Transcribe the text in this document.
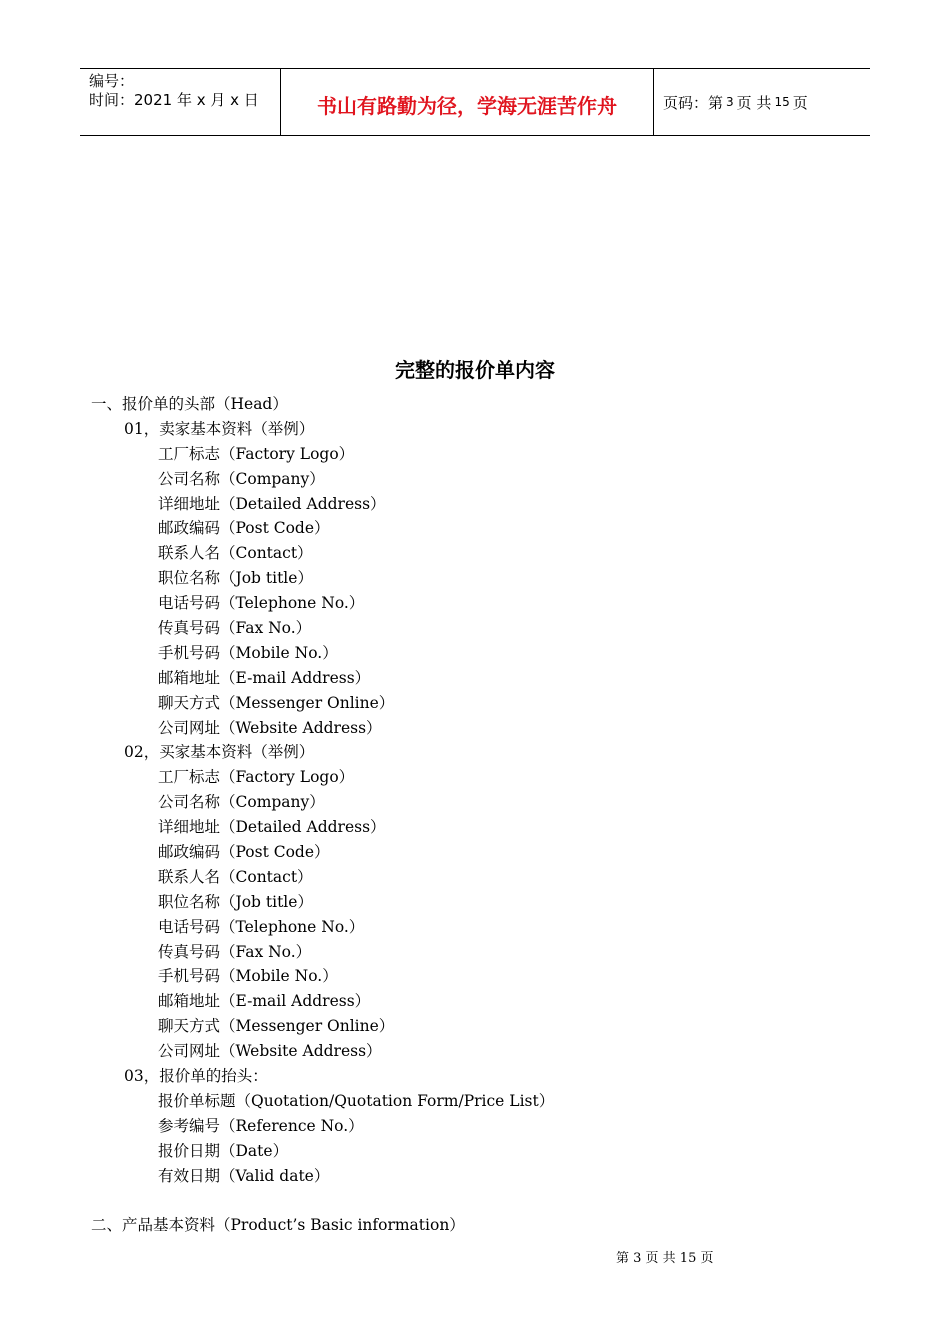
编号：
时间：2021 年 x 月 x 日	书山有路勤为径，学海无涯苦作舟	页码：第 3 页 共 15 页
完整的报价单内容
一、报价单的头部（Head）
01，卖家基本资料（举例）
工厂标志（Factory Logo）
公司名称（Company）
详细地址（Detailed Address）
邮政编码（Post Code）
联系人名（Contact）
职位名称（Job title）
电话号码（Telephone No.）
传真号码（Fax No.）
手机号码（Mobile No.）
邮箱地址（E-mail Address）
聊天方式（Messenger Online）
公司网址（Website Address）
02，买家基本资料（举例）
工厂标志（Factory Logo）
公司名称（Company）
详细地址（Detailed Address）
邮政编码（Post Code）
联系人名（Contact）
职位名称（Job title）
电话号码（Telephone No.）
传真号码（Fax No.）
手机号码（Mobile No.）
邮箱地址（E-mail Address）
聊天方式（Messenger Online）
公司网址（Website Address）
03，报价单的抬头：
报价单标题（Quotation/Quotation Form/Price List）
参考编号（Reference No.）
报价日期（Date）
有效日期（Valid date）
二、产品基本资料（Product’s Basic information）
第 3 页 共 15 页
